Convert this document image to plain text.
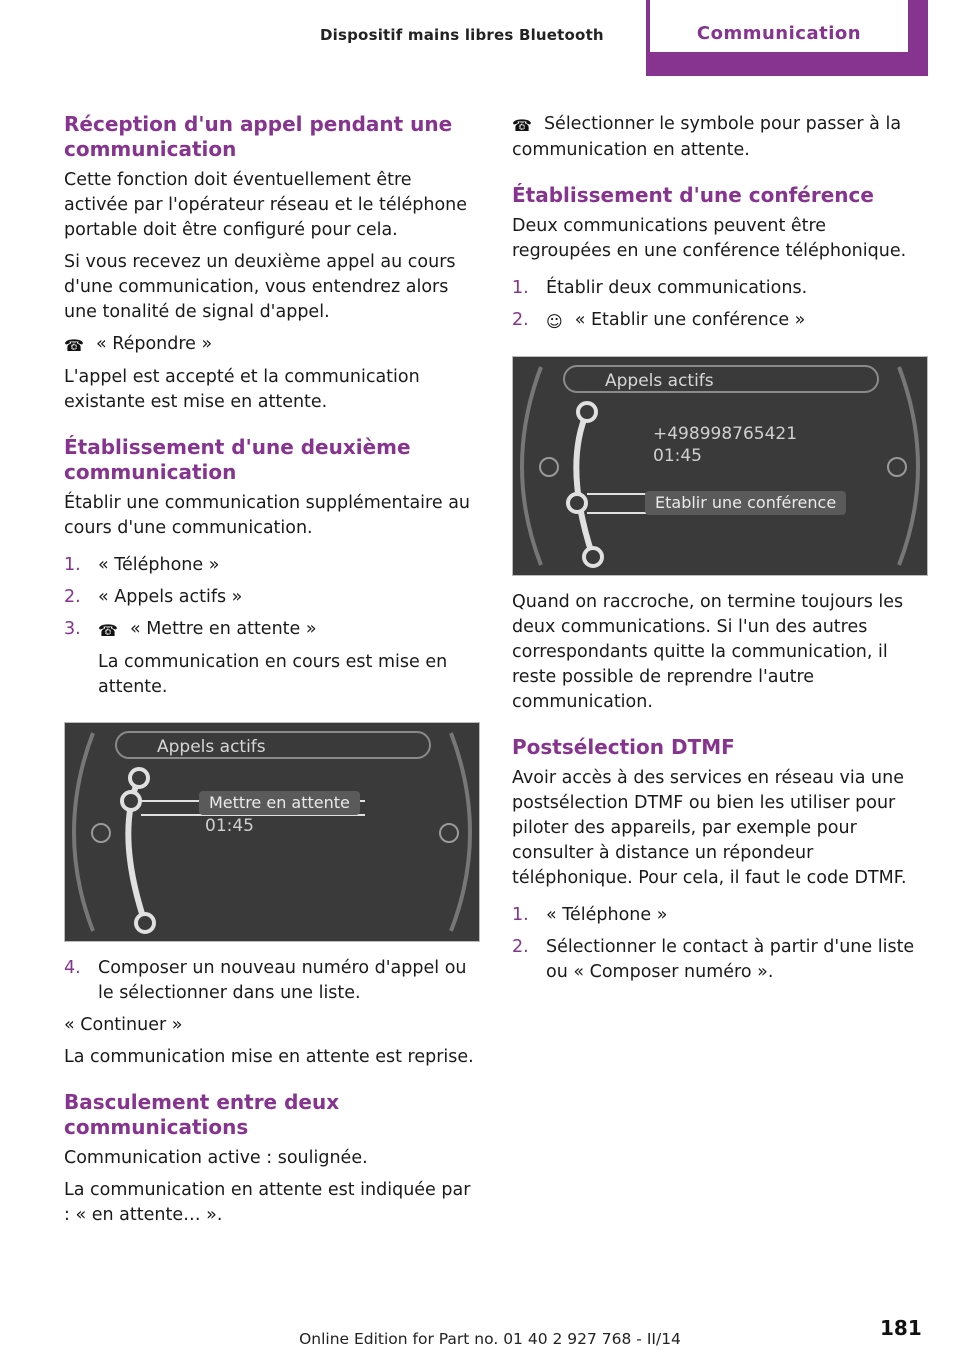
Dispositif mains libres Bluetooth	Communication
Réception d'un appel pendant une communication

Cette fonction doit éventuellement être activée par l'opérateur réseau et le téléphone portable doit être configuré pour cela.

Si vous recevez un deuxième appel au cours d'une communication, vous entendrez alors une tonalité de signal d'appel.

☎ « Répondre »

L'appel est accepté et la communication existante est mise en attente.

Établissement d'une deuxième communication

Établir une communication supplémentaire au cours d'une communication.

1. « Téléphone »
2. « Appels actifs »
3. ☎ « Mettre en attente »
La communication en cours est mise en attente.
Appels actifs
Mettre en attente
01:45
4. Composer un nouveau numéro d'appel ou le sélectionner dans une liste.

« Continuer »

La communication mise en attente est reprise.

Basculement entre deux communications

Communication active : soulignée.

La communication en attente est indiquée par : « en attente… ».

☎ Sélectionner le symbole pour passer à la communication en attente.

Établissement d'une conférence

Deux communications peuvent être regroupées en une conférence téléphonique.

1. Établir deux communications.
2. ☺ « Etablir une conférence »
Appels actifs
+498998765421
01:45
Etablir une conférence

Quand on raccroche, on termine toujours les deux communications. Si l'un des autres correspondants quitte la communication, il reste possible de reprendre l'autre communication.

Postsélection DTMF

Avoir accès à des services en réseau via une postsélection DTMF ou bien les utiliser pour piloter des appareils, par exemple pour consulter à distance un répondeur téléphonique. Pour cela, il faut le code DTMF.

1. « Téléphone »
2. Sélectionner le contact à partir d'une liste ou « Composer numéro ».
181
Online Edition for Part no. 01 40 2 927 768 - II/14
